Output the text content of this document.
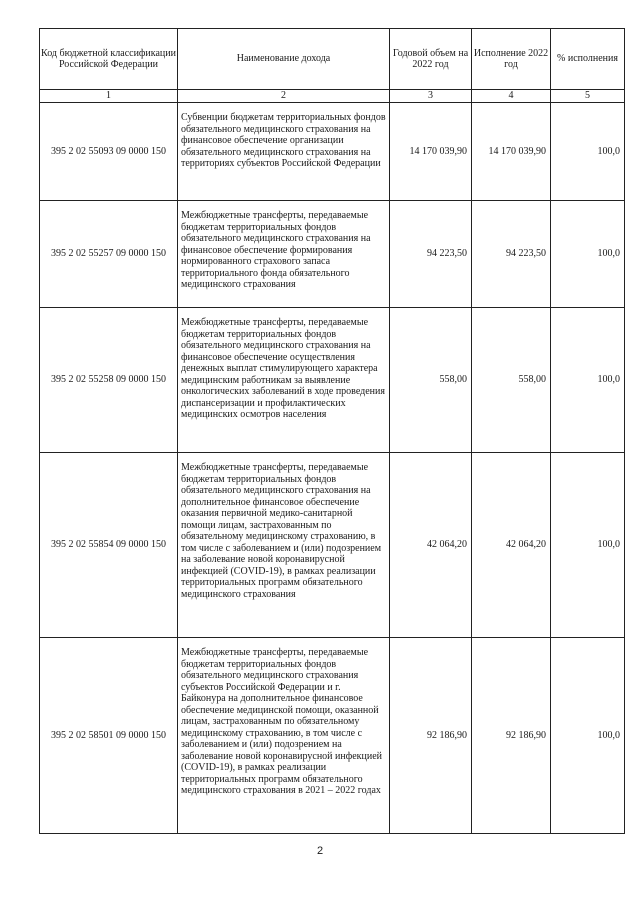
Код бюджетной классификации Российской Федерации	Наименование дохода	Годовой объем на 2022 год	Исполнение 2022 год	% исполнения
1	2	3	4	5
395 2 02 55093 09 0000 150	Субвенции бюджетам территориальных фондов обязательного медицинского страхования на финансовое обеспечение организации обязательного медицинского страхования на территориях субъектов Российской Федерации	14 170 039,90	14 170 039,90	100,0
395 2 02 55257 09 0000 150	Межбюджетные трансферты, передаваемые бюджетам территориальных фондов обязательного медицинского страхования на финансовое обеспечение формирования нормированного страхового запаса территориального фонда обязательного медицинского страхования	94 223,50	94 223,50	100,0
395 2 02 55258 09 0000 150	Межбюджетные трансферты, передаваемые бюджетам территориальных фондов обязательного медицинского страхования на финансовое обеспечение осуществления денежных выплат стимулирующего характера медицинским работникам за выявление онкологических заболеваний в ходе проведения диспансеризации и профилактических медицинских осмотров населения	558,00	558,00	100,0
395 2 02 55854 09 0000 150	Межбюджетные трансферты, передаваемые бюджетам территориальных фондов обязательного медицинского страхования на дополнительное финансовое обеспечение оказания первичной медико-санитарной помощи лицам, застрахованным по обязательному медицинскому страхованию, в том числе с заболеванием и (или) подозрением на заболевание новой коронавирусной инфекцией (COVID-19), в рамках реализации территориальных программ обязательного медицинского страхования	42 064,20	42 064,20	100,0
395 2 02 58501 09 0000 150	Межбюджетные трансферты, передаваемые бюджетам территориальных фондов обязательного медицинского страхования субъектов Российской Федерации и г. Байконура на дополнительное финансовое обеспечение медицинской помощи, оказанной лицам, застрахованным по обязательному медицинскому страхованию, в том числе с заболеванием и (или) подозрением на заболевание новой коронавирусной инфекцией (COVID-19), в рамках реализации территориальных программ обязательного медицинского страхования в 2021 – 2022 годах	92 186,90	92 186,90	100,0
2
